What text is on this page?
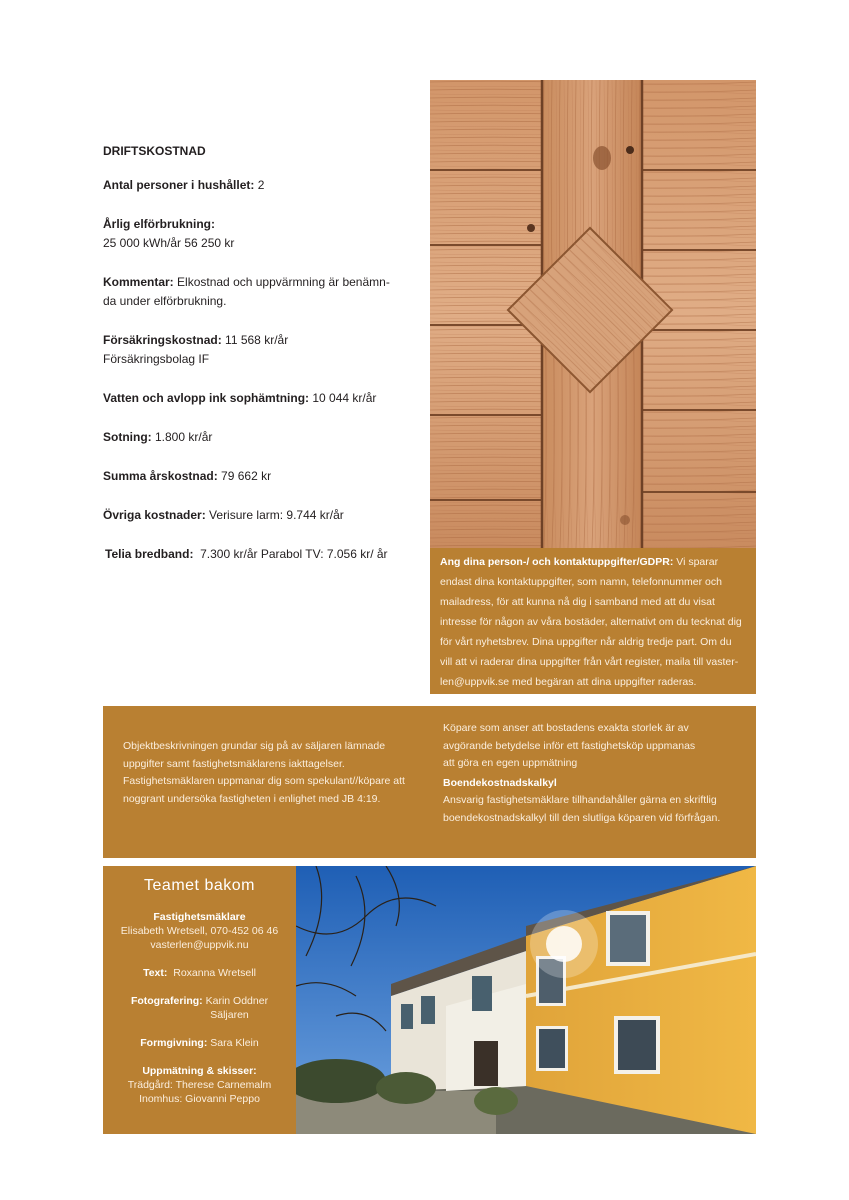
DRIFTSKOSTNAD
Antal personer i hushållet: 2
Årlig elförbrukning:
25 000 kWh/år 56 250 kr
Kommentar: Elkostnad och uppvärmning är benämn-
da under elförbrukning.
Försäkringskostnad: 11 568 kr/år
Försäkringsbolag IF
Vatten och avlopp ink sophämtning: 10 044 kr/år
Sotning: 1.800 kr/år
Summa årskostnad: 79 662 kr
Övriga kostnader: Verisure larm: 9.744 kr/år
Telia bredband: 7.300 kr/år Parabol TV: 7.056 kr/ år
Ang dina person-/ och kontaktuppgifter/GDPR: Vi sparar
endast dina kontaktuppgifter, som namn, telefonnummer och
mailadress, för att kunna nå dig i samband med att du visat
intresse för någon av våra bostäder, alternativt om du tecknat dig
för vårt nyhetsbrev. Dina uppgifter når aldrig tredje part. Om du
vill att vi raderar dina uppgifter från vårt register, maila till vaster-
len@uppvik.se med begäran att dina uppgifter raderas.
Objektbeskrivningen grundar sig på av säljaren lämnade
uppgifter samt fastighetsmäklarens iakttagelser.
Fastighetsmäklaren uppmanar dig som spekulant//köpare att
noggrant undersöka fastigheten i enlighet med JB 4:19.
Köpare som anser att bostadens exakta storlek är av
avgörande betydelse inför ett fastighetsköp uppmanas
att göra en egen uppmätning
Boendekostnadskalkyl
Ansvarig fastighetsmäklare tillhandahåller gärna en skriftlig
boendekostnadskalkyl till den slutliga köparen vid förfrågan.
Teamet bakom
Fastighetsmäklare
Elisabeth Wretsell, 070-452 06 46
vasterlen@uppvik.nu
Text: Roxanna Wretsell
Fotografering: Karin Oddner
Säljaren
Formgivning: Sara Klein
Uppmätning & skisser:
Trädgård: Therese Carnemalm
Inomhus: Giovanni Peppo
